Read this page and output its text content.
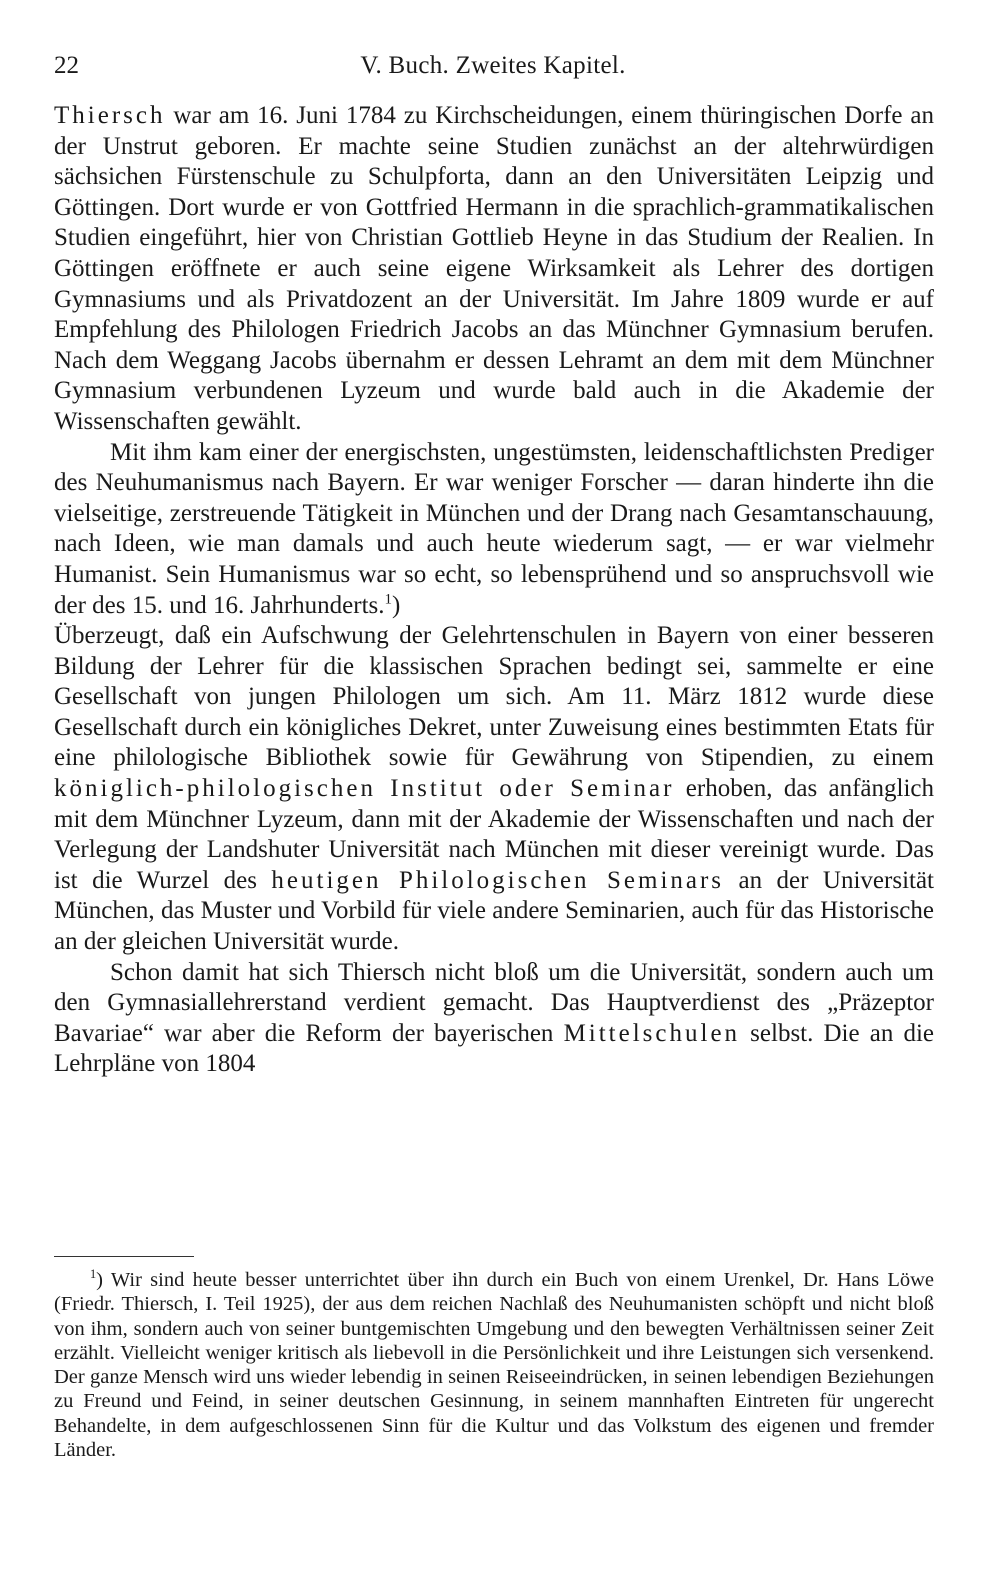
22	V. Buch. Zweites Kapitel.

Thiersch war am 16. Juni 1784 zu Kirchscheidungen, einem thüringischen Dorfe an der Unstrut geboren. Er machte seine Studien zunächst an der altehrwürdigen sächsichen Fürstenschule zu Schulpforta, dann an den Universitäten Leipzig und Göttingen. Dort wurde er von Gottfried Hermann in die sprachlich-grammatikalischen Studien eingeführt, hier von Christian Gottlieb Heyne in das Studium der Realien. In Göttingen eröffnete er auch seine eigene Wirksamkeit als Lehrer des dortigen Gymnasiums und als Privatdozent an der Universität. Im Jahre 1809 wurde er auf Empfehlung des Philologen Friedrich Jacobs an das Münchner Gymnasium berufen. Nach dem Weggang Jacobs übernahm er dessen Lehramt an dem mit dem Münchner Gymnasium verbundenen Lyzeum und wurde bald auch in die Akademie der Wissenschaften gewählt.

Mit ihm kam einer der energischsten, ungestümsten, leidenschaftlichsten Prediger des Neuhumanismus nach Bayern. Er war weniger Forscher — daran hinderte ihn die vielseitige, zerstreuende Tätigkeit in München und der Drang nach Gesamtanschauung, nach Ideen, wie man damals und auch heute wiederum sagt, — er war vielmehr Humanist. Sein Humanismus war so echt, so lebensprühend und so anspruchsvoll wie der des 15. und 16. Jahrhunderts.$^1$)

Überzeugt, daß ein Aufschwung der Gelehrtenschulen in Bayern von einer besseren Bildung der Lehrer für die klassischen Sprachen bedingt sei, sammelte er eine Gesellschaft von jungen Philologen um sich. Am 11. März 1812 wurde diese Gesellschaft durch ein königliches Dekret, unter Zuweisung eines bestimmten Etats für eine philologische Bibliothek sowie für Gewährung von Stipendien, zu einem königlich-philologischen Institut oder Seminar erhoben, das anfänglich mit dem Münchner Lyzeum, dann mit der Akademie der Wissenschaften und nach der Verlegung der Landshuter Universität nach München mit dieser vereinigt wurde. Das ist die Wurzel des heutigen Philologischen Seminars an der Universität München, das Muster und Vorbild für viele andere Seminarien, auch für das Historische an der gleichen Universität wurde.

Schon damit hat sich Thiersch nicht bloß um die Universität, sondern auch um den Gymnasiallehrerstand verdient gemacht. Das Hauptverdienst des „Präzeptor Bavariae“ war aber die Reform der bayerischen Mittelschulen selbst. Die an die Lehrpläne von 1804

$^1$) Wir sind heute besser unterrichtet über ihn durch ein Buch von einem Urenkel, Dr. Hans Löwe (Friedr. Thiersch, I. Teil 1925), der aus dem reichen Nachlaß des Neuhumanisten schöpft und nicht bloß von ihm, sondern auch von seiner buntgemischten Umgebung und den bewegten Verhältnissen seiner Zeit erzählt. Vielleicht weniger kritisch als liebevoll in die Persönlichkeit und ihre Leistungen sich versenkend. Der ganze Mensch wird uns wieder lebendig in seinen Reiseeindrücken, in seinen lebendigen Beziehungen zu Freund und Feind, in seiner deutschen Gesinnung, in seinem mannhaften Eintreten für ungerecht Behandelte, in dem aufgeschlossenen Sinn für die Kultur und das Volkstum des eigenen und fremder Länder.
